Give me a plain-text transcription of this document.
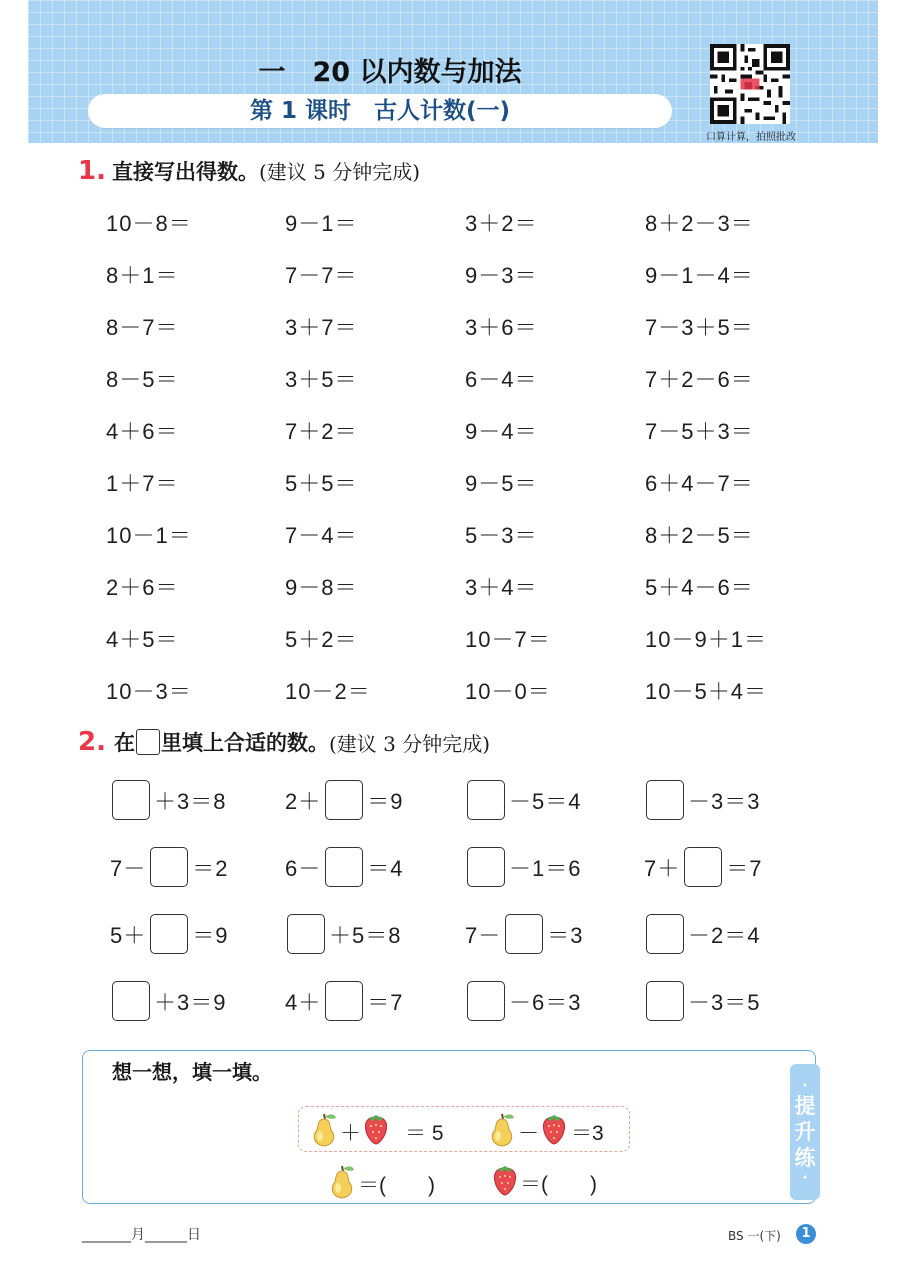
一　20 以内数与加法
第 1 课时　古人计数(一)
口算计算，拍照批改
1. 直接写出得数。 (建议 5 分钟完成)
10－8＝	9－1＝	3＋2＝	8＋2－3＝
8＋1＝	7－7＝	9－3＝	9－1－4＝
8－7＝	3＋7＝	3＋6＝	7－3＋5＝
8－5＝	3＋5＝	6－4＝	7＋2－6＝
4＋6＝	7＋2＝	9－4＝	7－5＋3＝
1＋7＝	5＋5＝	9－5＝	6＋4－7＝
10－1＝	7－4＝	5－3＝	8＋2－5＝
2＋6＝	9－8＝	3＋4＝	5＋4－6＝
4＋5＝	5＋2＝	10－7＝	10－9＋1＝
10－3＝	10－2＝	10－0＝	10－5＋4＝
2. 在 里填上合适的数。 (建议 3 分钟完成)
＋3＝8	2＋ ＝9	－5＝4	－3＝3
7－ ＝2	6－ ＝4	－1＝6	7＋ ＝7
5＋ ＝9	＋5＝8	7－ ＝3	－2＝4
＋3＝9	4＋ ＝7	－6＝3	－3＝5
想一想，填一填。
·
提
升
练
·
＋ ＝ 5	－ ＝3
＝(　　)	＝(　　)
_______月______日	BS 一(下)	1
